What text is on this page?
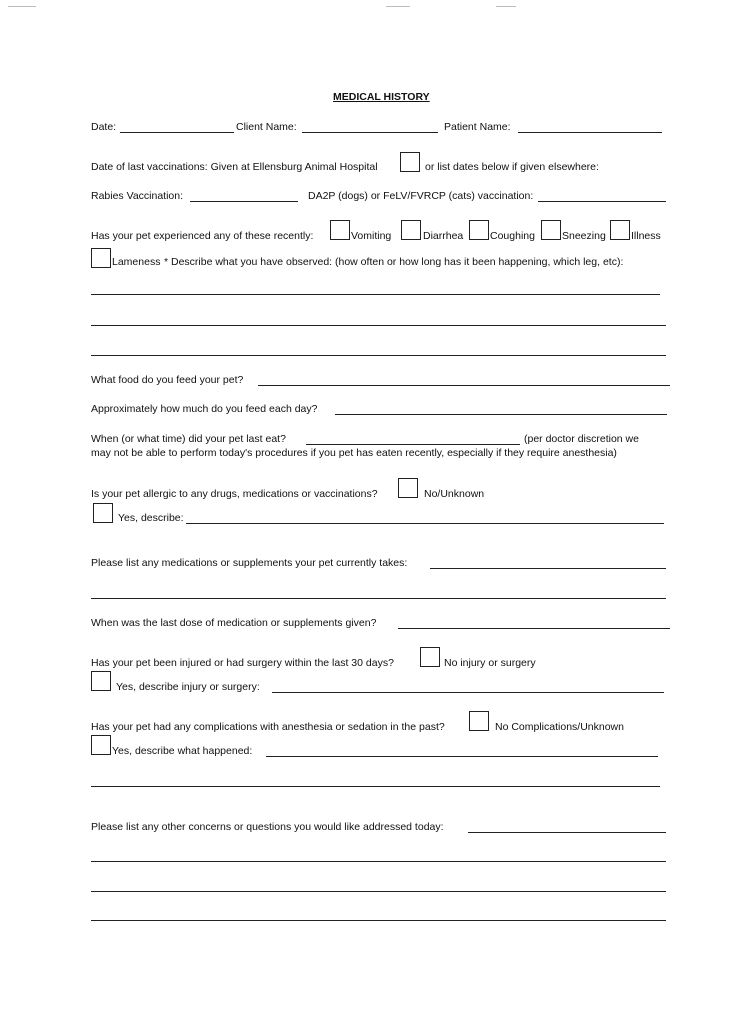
MEDICAL HISTORY
Date:	Client Name:	Patient Name:
Date of last vaccinations: Given at Ellensburg Animal Hospital	or list dates below if given elsewhere:
Rabies Vaccination:	DA2P (dogs) or FeLV/FVRCP (cats) vaccination:
Has your pet experienced any of these recently:	Vomiting	Diarrhea	Coughing	Sneezing Illness
Lameness * Describe what you have observed: (how often or how long has it been happening, which leg, etc):
What food do you feed your pet?
Approximately how much do you feed each day?
When (or what time) did your pet last eat?	(per doctor discretion we
may not be able to perform today's procedures if you pet has eaten recently, especially if they require anesthesia)
Is your pet allergic to any drugs, medications or vaccinations?	No/Unknown
Yes, describe:
Please list any medications or supplements your pet currently takes:
When was the last dose of medication or supplements given?
Has your pet been injured or had surgery within the last 30 days?	No injury or surgery
Yes, describe injury or surgery:
Has your pet had any complications with anesthesia or sedation in the past?	No Complications/Unknown
Yes, describe what happened:
Please list any other concerns or questions you would like addressed today:
